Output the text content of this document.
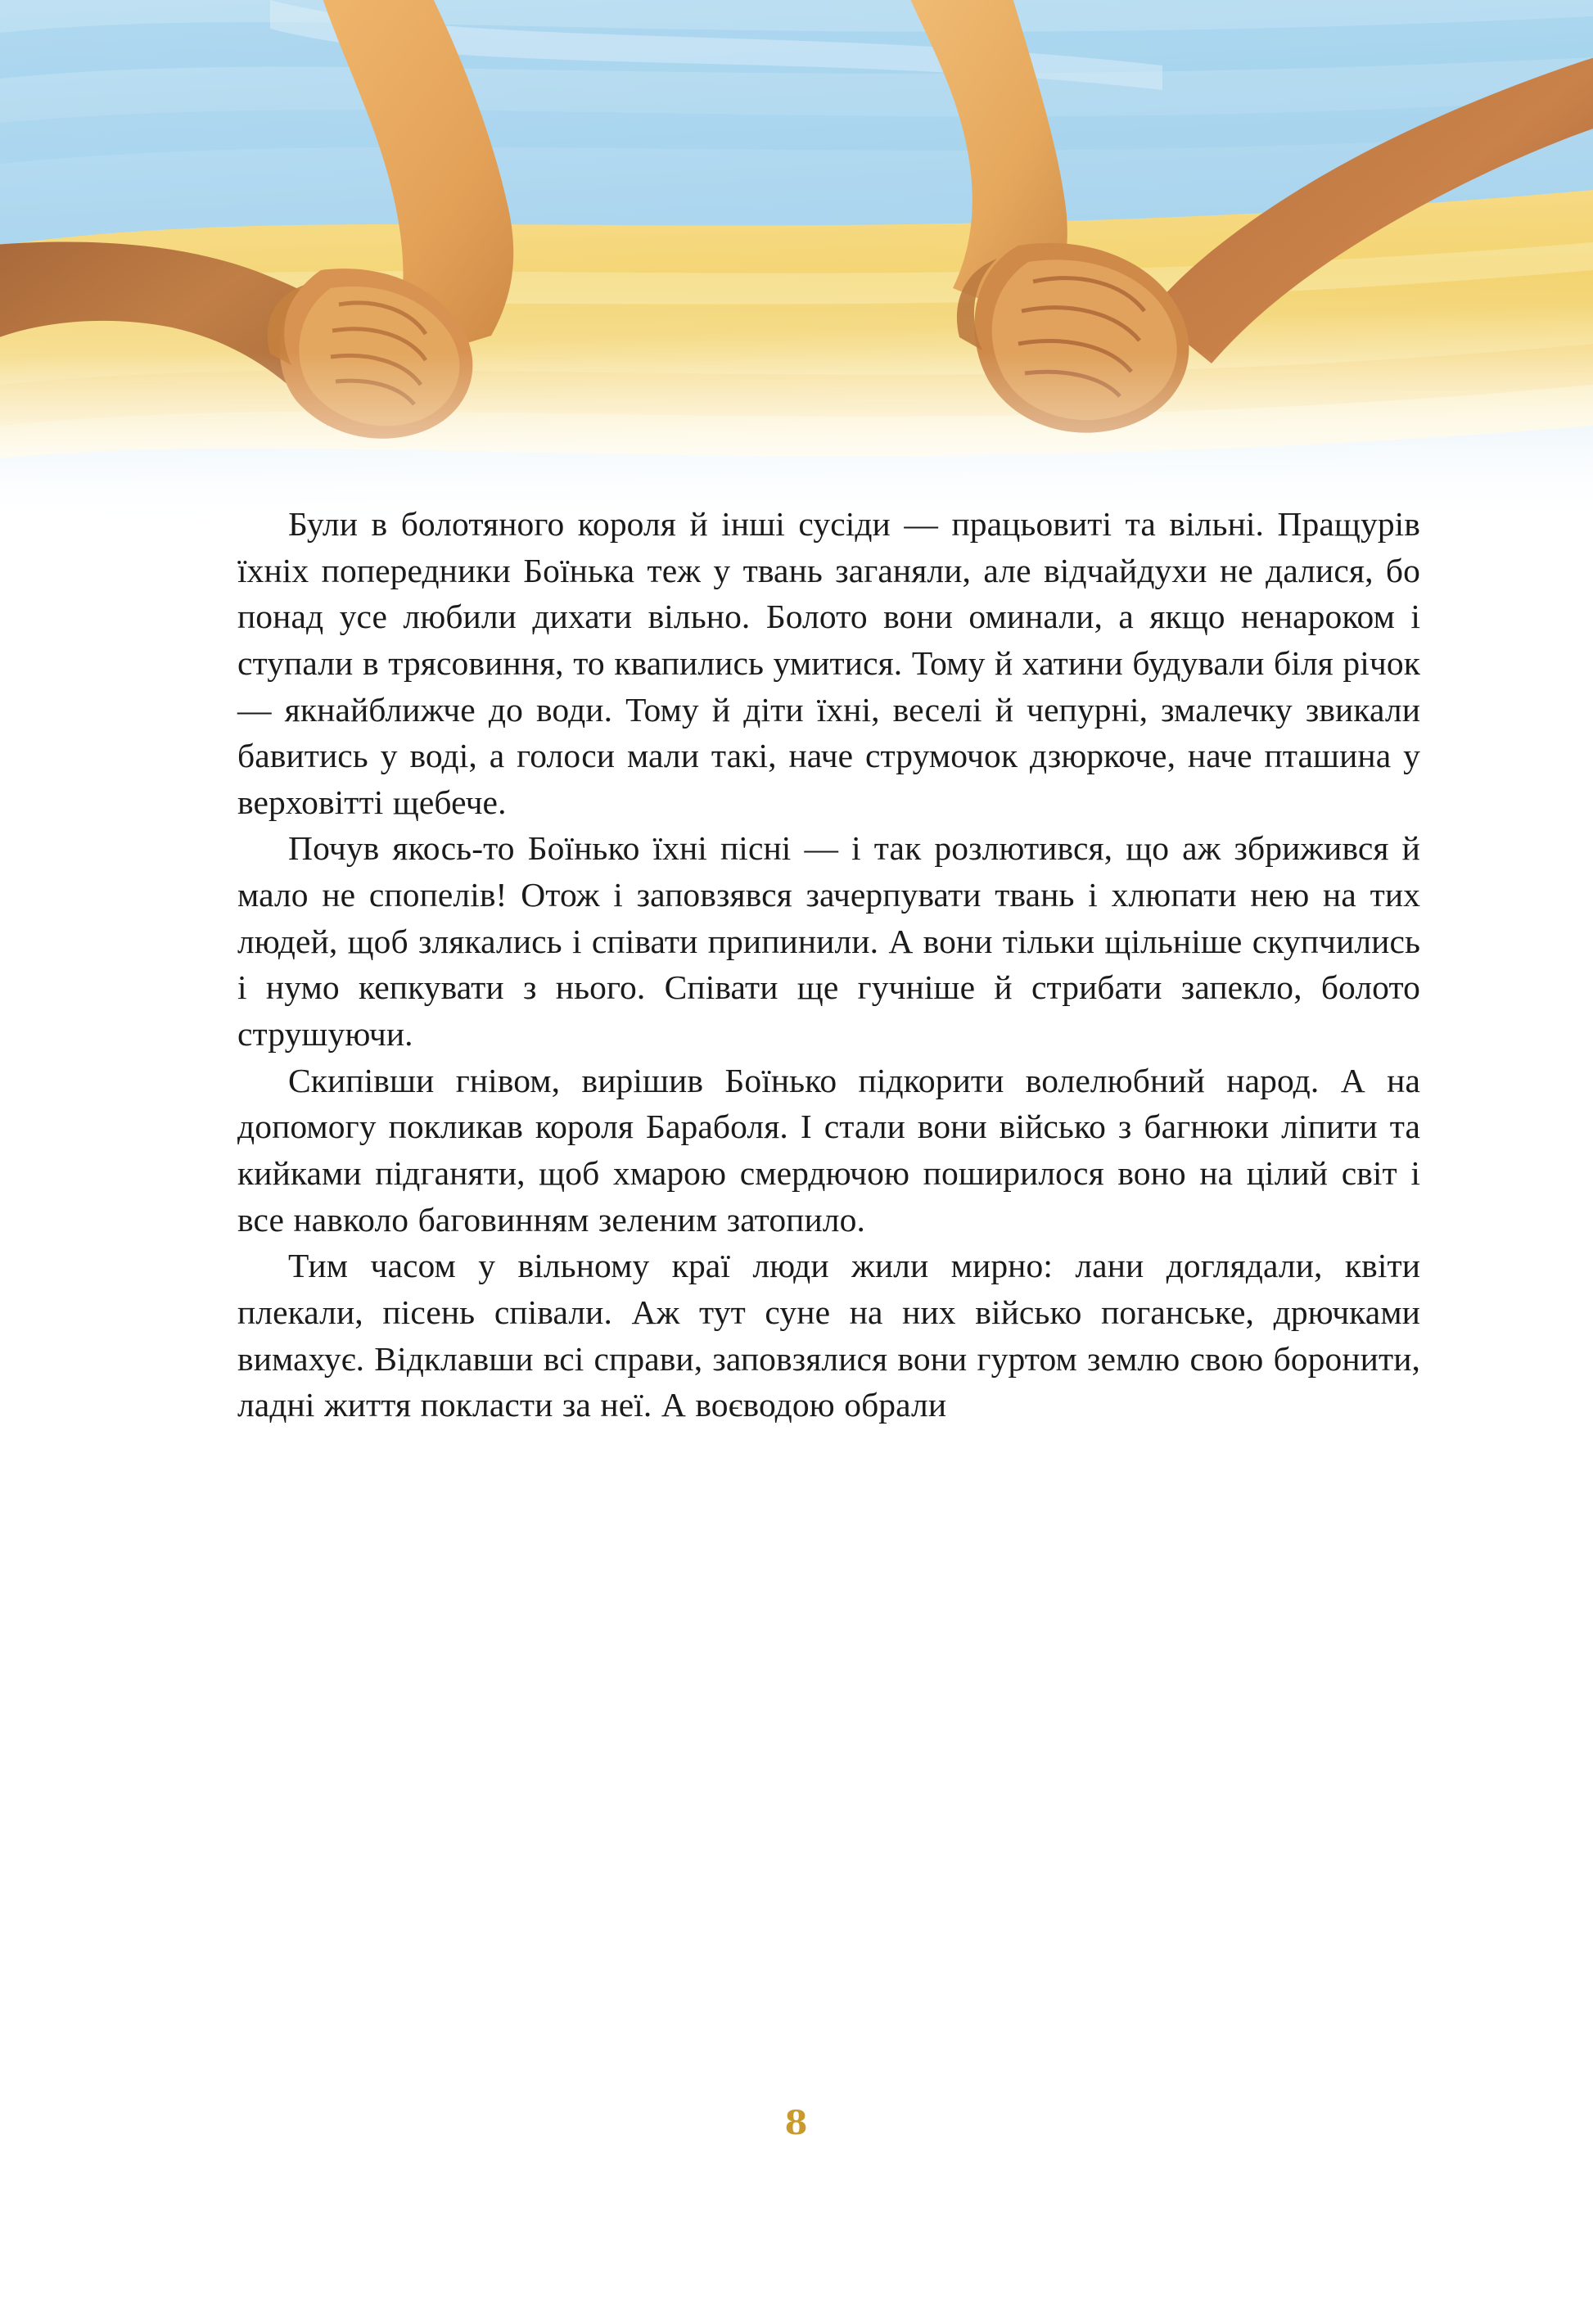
Були в болотяного короля й інші сусіди — працьовиті та вільні. Пращурів їхніх попередники Боїнька теж у твань заганяли, але відчайдухи не далися, бо понад усе любили дихати вільно. Болото вони оминали, а якщо ненароком і ступали в трясовиння, то квапились умитися. Тому й хатини будували біля річок — якнайближче до води. Тому й діти їхні, веселі й чепурні, змалечку звикали бавитись у воді, а голоси мали такі, наче струмочок дзюркоче, наче пташина у верховітті щебече.

Почув якось-то Боїнько їхні пісні — і так розлютився, що аж збрижився й мало не спопелів! Отож і заповзявся зачерпувати твань і хлюпати нею на тих людей, щоб злякались і співати припинили. А вони тільки щільніше скупчились і нумо кепкувати з нього. Співати ще гучніше й стрибати запекло, болото струшуючи.

Скипівши гнівом, вирішив Боїнько підкорити волелюбний народ. А на допомогу покликав короля Бараболя. І стали вони військо з багнюки ліпити та кийками підганяти, щоб хмарою смердючою поширилося воно на цілий світ і все навколо баговинням зеленим затопило.

Тим часом у вільному краї люди жили мирно: лани доглядали, квіти плекали, пісень співали. Аж тут суне на них військо поганське, дрючками вимахує. Відклавши всі справи, заповзялися вони гуртом землю свою боронити, ладні життя покласти за неї. А воєводою обрали

8
